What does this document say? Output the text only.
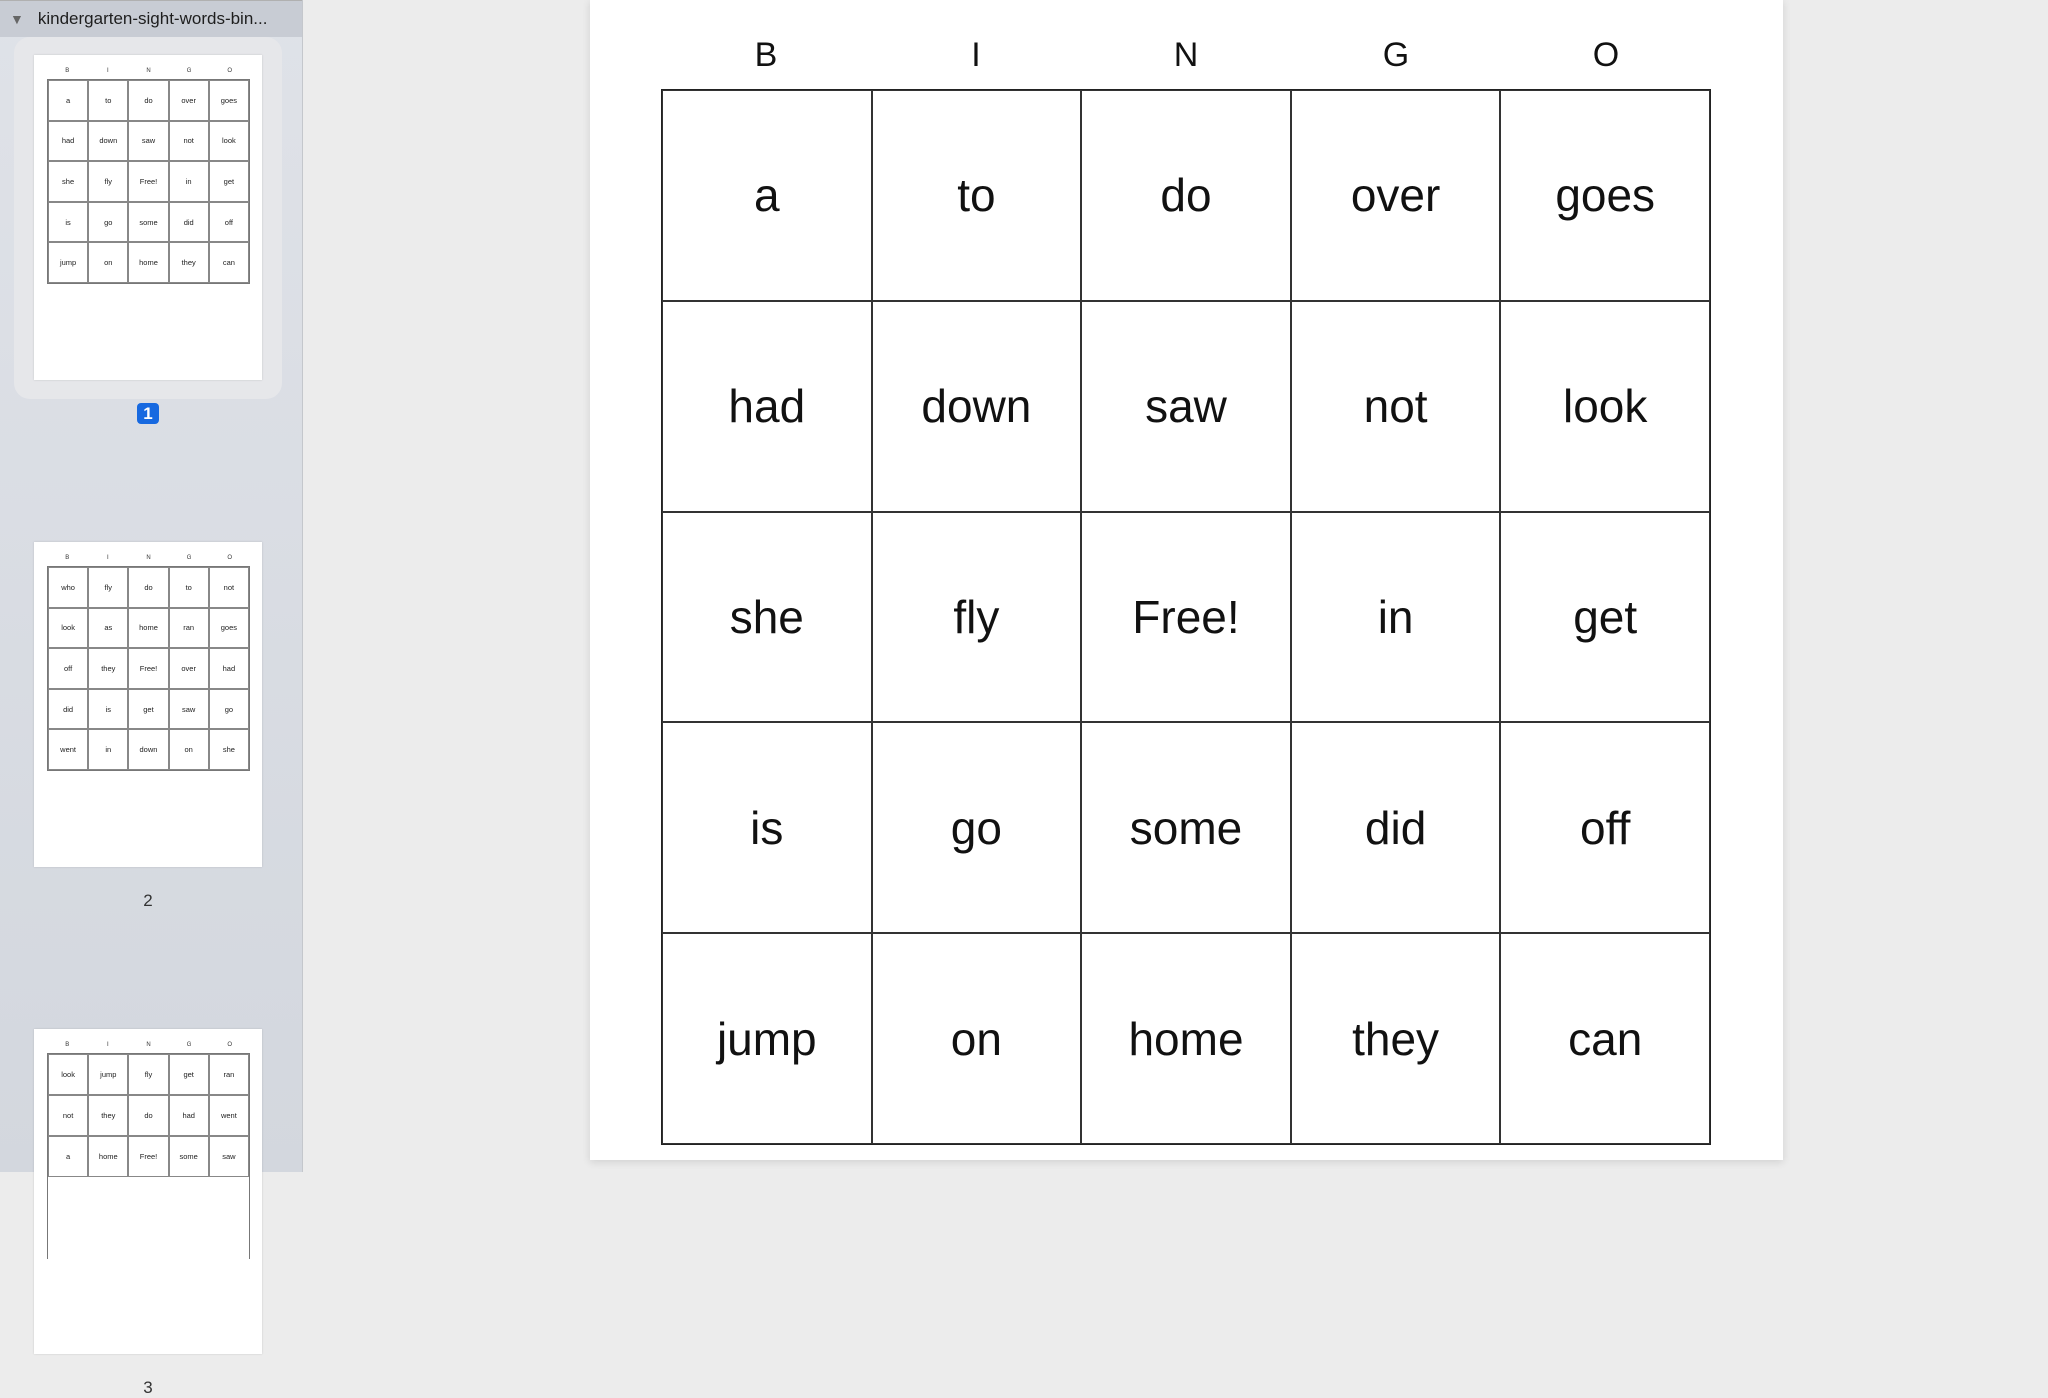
▼ kindergarten-sight-words-bin...
B	I	N	G	O
a	to	do	over	goes
had	down	saw	not	look
she	fly	Free!	in	get
is	go	some	did	off
jump	on	home	they	can
1
B	I	N	G	O
who	fly	do	to	not
look	as	home	ran	goes
off	they	Free!	over	had
did	is	get	saw	go
went	in	down	on	she
2
B	I	N	G	O
look	jump	fly	get	ran
not	they	do	had	went
a	home	Free!	some	saw
3
B	I	N	G	O
a	to	do	over	goes
had	down	saw	not	look
she	fly	Free!	in	get
is	go	some	did	off
jump	on	home	they	can
